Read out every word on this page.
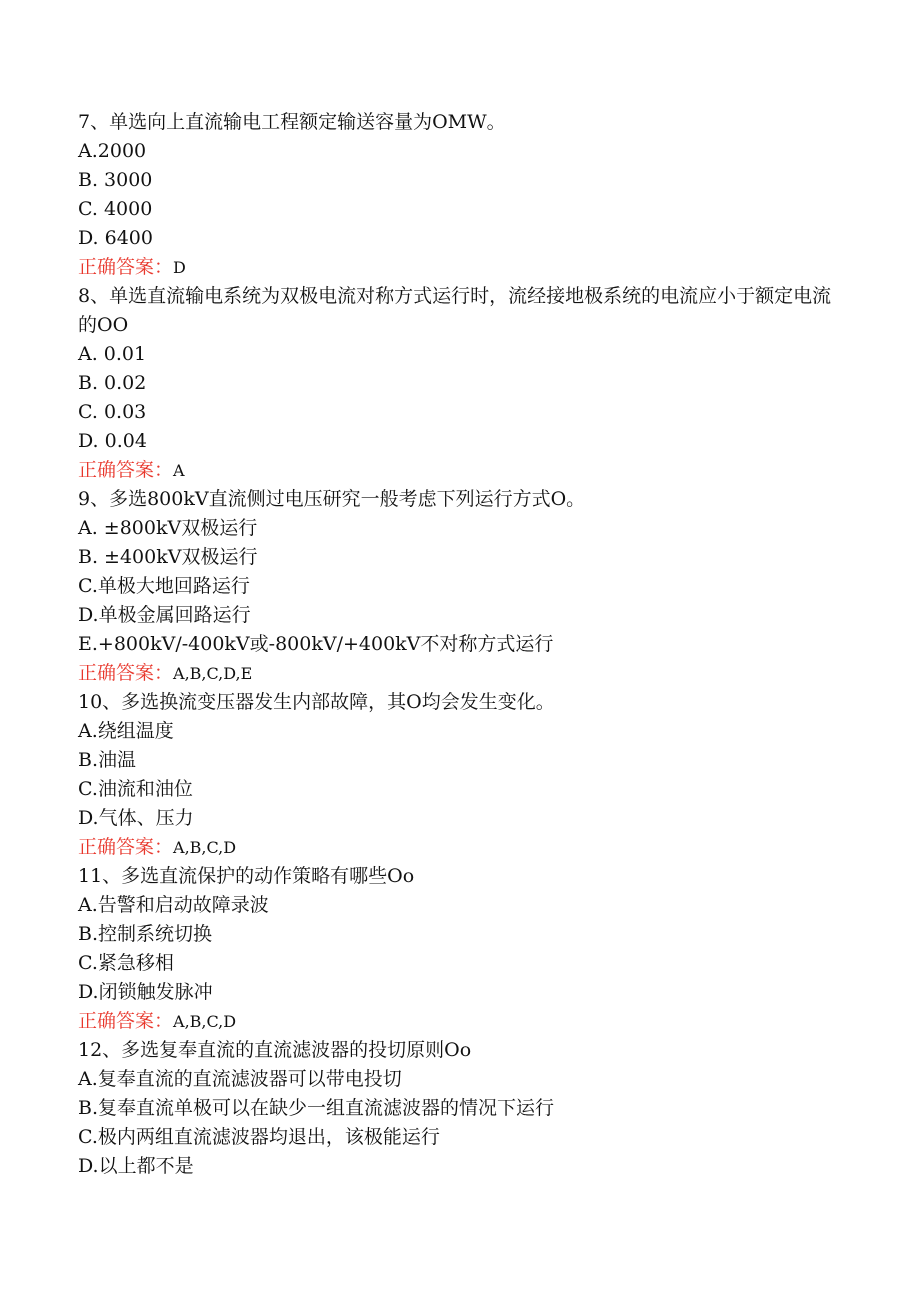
7、单选向上直流输电工程额定输送容量为OMW。

A.2000

B. 3000

C. 4000

D. 6400

正确答案：D

8、单选直流输电系统为双极电流对称方式运行时，流经接地极系统的电流应小于额定电流的OO

A. 0.01

B. 0.02

C. 0.03

D. 0.04

正确答案：A

9、多选800kV直流侧过电压研究一般考虑下列运行方式O。

A. ±800kV双极运行

B. ±400kV双极运行

C.单极大地回路运行

D.单极金属回路运行

E.+800kV/-400kV或-800kV/+400kV不对称方式运行

正确答案：A,B,C,D,E

10、多选换流变压器发生内部故障，其O均会发生变化。

A.绕组温度

B.油温

C.油流和油位

D.气体、压力

正确答案：A,B,C,D

11、多选直流保护的动作策略有哪些Oo

A.告警和启动故障录波

B.控制系统切换

C.紧急移相

D.闭锁触发脉冲

正确答案：A,B,C,D

12、多选复奉直流的直流滤波器的投切原则Oo

A.复奉直流的直流滤波器可以带电投切

B.复奉直流单极可以在缺少一组直流滤波器的情况下运行

C.极内两组直流滤波器均退出，该极能运行

D.以上都不是
